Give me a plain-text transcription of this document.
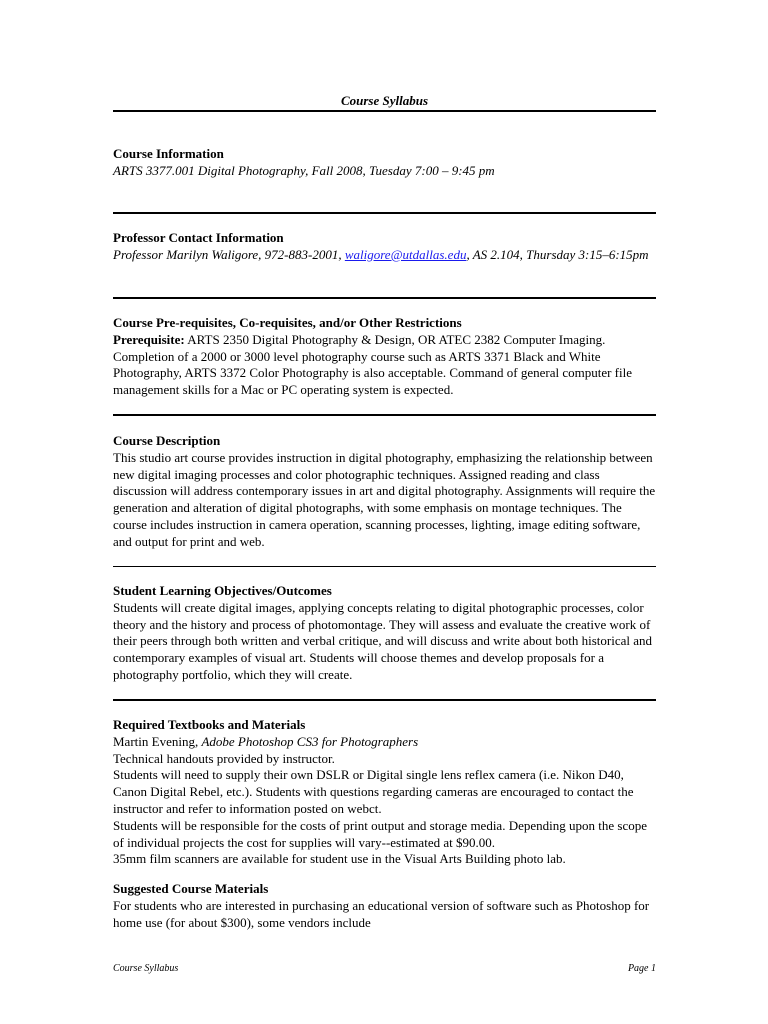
Course Syllabus

Course Information

ARTS 3377.001 Digital Photography, Fall 2008, Tuesday 7:00 – 9:45 pm

Professor Contact Information

Professor Marilyn Waligore, 972-883-2001, waligore@utdallas.edu, AS 2.104, Thursday 3:15–6:15pm

Course Pre-requisites, Co-requisites, and/or Other Restrictions

Prerequisite: ARTS 2350 Digital Photography & Design, OR ATEC 2382 Computer Imaging. Completion of a 2000 or 3000 level photography course such as ARTS 3371 Black and White Photography, ARTS 3372 Color Photography is also acceptable. Command of general computer file management skills for a Mac or PC operating system is expected.

Course Description

This studio art course provides instruction in digital photography, emphasizing the relationship between new digital imaging processes and color photographic techniques. Assigned reading and class discussion will address contemporary issues in art and digital photography. Assignments will require the generation and alteration of digital photographs, with some emphasis on montage techniques. The course includes instruction in camera operation, scanning processes, lighting, image editing software, and output for print and web.

Student Learning Objectives/Outcomes

Students will create digital images, applying concepts relating to digital photographic processes, color theory and the history and process of photomontage. They will assess and evaluate the creative work of their peers through both written and verbal critique, and will discuss and write about both historical and contemporary examples of visual art. Students will choose themes and develop proposals for a photography portfolio, which they will create.

Required Textbooks and Materials

Martin Evening, Adobe Photoshop CS3 for Photographers

Technical handouts provided by instructor.

Students will need to supply their own DSLR or Digital single lens reflex camera (i.e. Nikon D40, Canon Digital Rebel, etc.). Students with questions regarding cameras are encouraged to contact the instructor and refer to information posted on webct.

Students will be responsible for the costs of print output and storage media. Depending upon the scope of individual projects the cost for supplies will vary--estimated at $90.00.

35mm film scanners are available for student use in the Visual Arts Building photo lab.

Suggested Course Materials

For students who are interested in purchasing an educational version of software such as Photoshop for home use (for about $300), some vendors include

Course Syllabus	Page 1
